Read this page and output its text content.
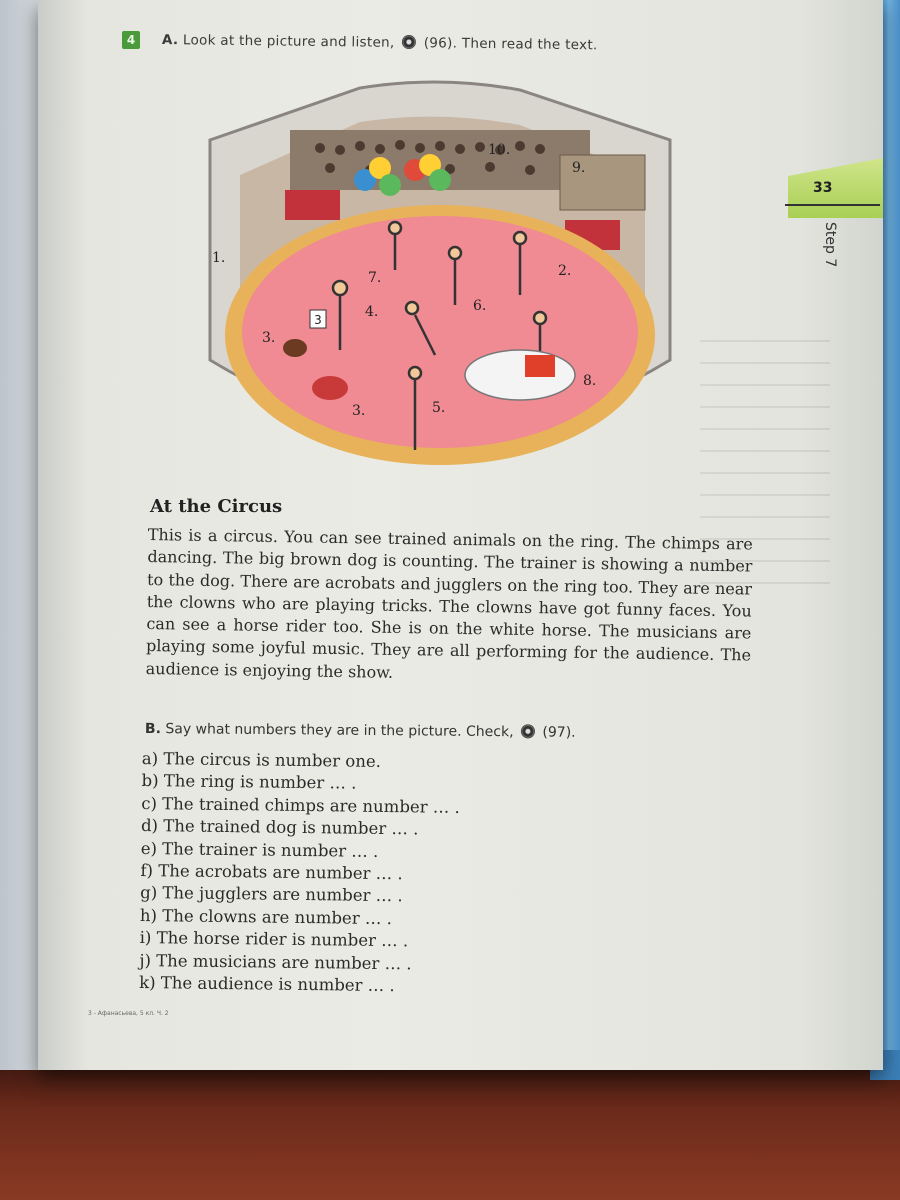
4 A. Look at the picture and listen, (96). Then read the text.
33
Step 7
3
1.
2.
3.
3.
4.
5.
6.
7.
8.
9.
10.
At the Circus
This is a circus. You can see trained animals on the ring. The chimps are dancing. The big brown dog is counting. The trainer is showing a number to the dog. There are acrobats and jugglers on the ring too. They are near the clowns who are playing tricks. The clowns have got funny faces. You can see a horse rider too. She is on the white horse. The musicians are playing some joyful music. They are all performing for the audience. The audience is enjoying the show.
B. Say what numbers they are in the picture. Check, (97).
a) The circus is number one.
b) The ring is number … .
c) The trained chimps are number … .
d) The trained dog is number … .
e) The trainer is number … .
f) The acrobats are number … .
g) The jugglers are number … .
h) The clowns are number … .
i) The horse rider is number … .
j) The musicians are number … .
k) The audience is number … .
3 - Афанасьева, 5 кл. Ч. 2
